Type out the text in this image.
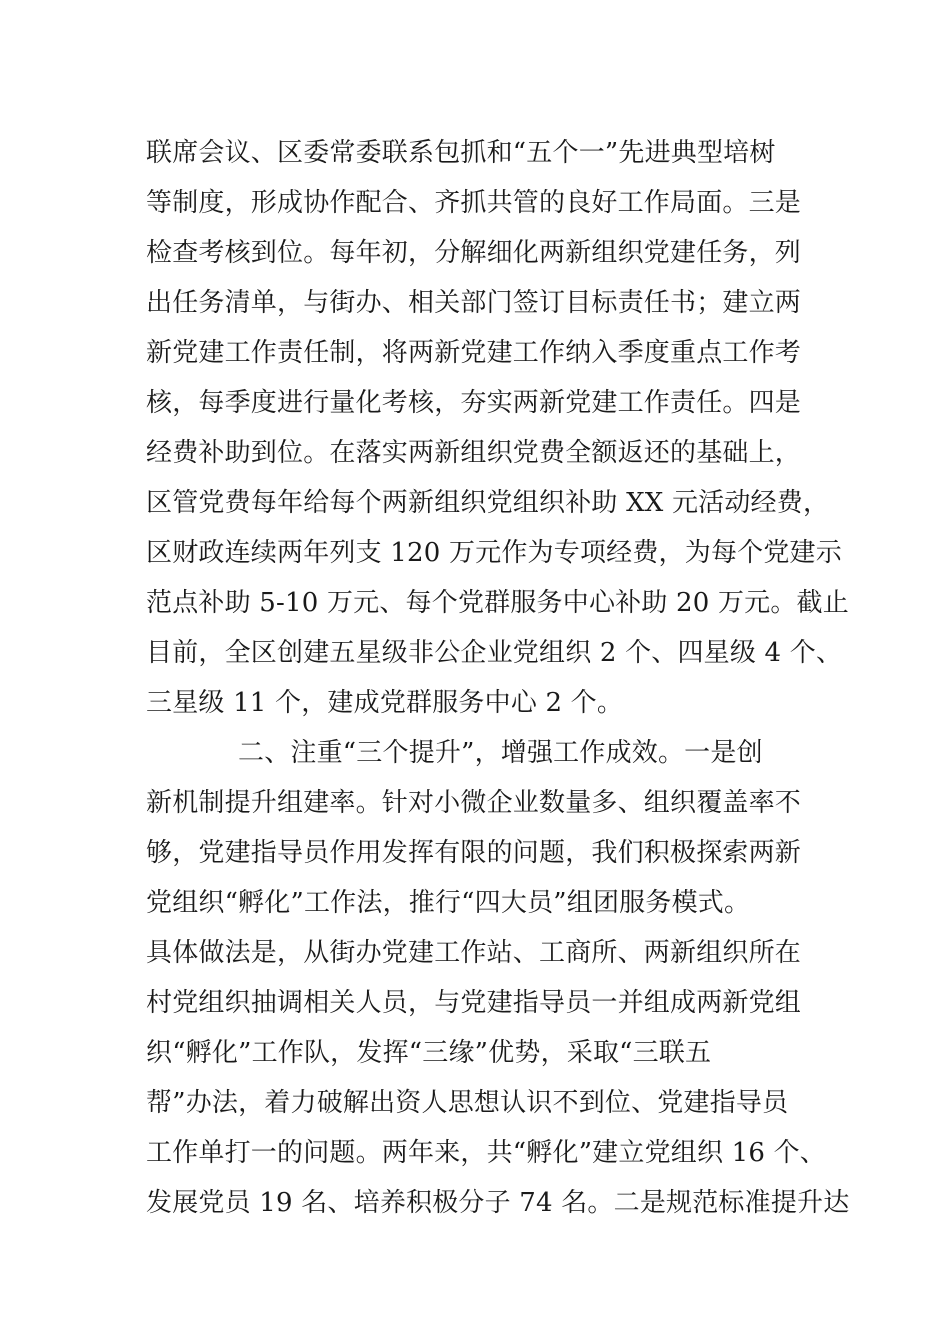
联席会议、区委常委联系包抓和“五个一”先进典型培树
等制度，形成协作配合、齐抓共管的良好工作局面。三是
检查考核到位。每年初，分解细化两新组织党建任务，列
出任务清单，与街办、相关部门签订目标责任书；建立两
新党建工作责任制，将两新党建工作纳入季度重点工作考
核，每季度进行量化考核，夯实两新党建工作责任。四是
经费补助到位。在落实两新组织党费全额返还的基础上，
区管党费每年给每个两新组织党组织补助 XX 元活动经费，
区财政连续两年列支 120 万元作为专项经费，为每个党建示
范点补助 5-10 万元、每个党群服务中心补助 20 万元。截止
目前，全区创建五星级非公企业党组织 2 个、四星级 4 个、
三星级 11 个，建成党群服务中心 2 个。
二、注重“三个提升”，增强工作成效。一是创
新机制提升组建率。针对小微企业数量多、组织覆盖率不
够，党建指导员作用发挥有限的问题，我们积极探索两新
党组织“孵化”工作法，推行“四大员”组团服务模式。
具体做法是，从街办党建工作站、工商所、两新组织所在
村党组织抽调相关人员，与党建指导员一并组成两新党组
织“孵化”工作队，发挥“三缘”优势，采取“三联五
帮”办法，着力破解出资人思想认识不到位、党建指导员
工作单打一的问题。两年来，共“孵化”建立党组织 16 个、
发展党员 19 名、培养积极分子 74 名。二是规范标准提升达
